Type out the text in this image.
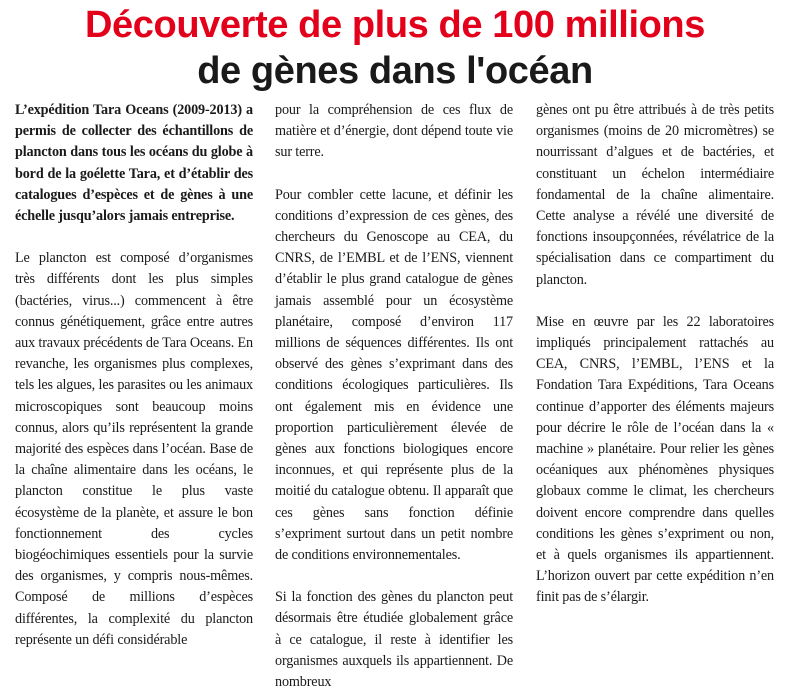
Découverte de plus de 100 millions
de gènes dans l'océan

L’expédition Tara Oceans (2009-2013) a permis de collecter des échantillons de plancton dans tous les océans du globe à bord de la goélette Tara, et d’établir des catalogues d’espèces et de gènes à une échelle jusqu’alors jamais entreprise.

Le plancton est composé d’organismes très différents dont les plus simples (bactéries, virus...) commencent à être connus génétiquement, grâce entre autres aux travaux précédents de Tara Oceans. En revanche, les organismes plus complexes, tels les algues, les parasites ou les animaux microscopiques sont beaucoup moins connus, alors qu’ils représentent la grande majorité des espèces dans l’océan. Base de la chaîne alimentaire dans les océans, le plancton constitue le plus vaste écosystème de la planète, et assure le bon fonctionnement des cycles biogéochimiques essentiels pour la survie des organismes, y compris nous-mêmes. Composé de millions d’espèces différentes, la complexité du plancton représente un défi considérable

pour la compréhension de ces flux de matière et d’énergie, dont dépend toute vie sur terre.

Pour combler cette lacune, et définir les conditions d’expression de ces gènes, des chercheurs du Genoscope au CEA, du CNRS, de l’EMBL et de l’ENS, viennent d’établir le plus grand catalogue de gènes jamais assemblé pour un écosystème planétaire, composé d’environ 117 millions de séquences différentes. Ils ont observé des gènes s’exprimant dans des conditions écologiques particulières. Ils ont également mis en évidence une proportion particulièrement élevée de gènes aux fonctions biologiques encore inconnues, et qui représente plus de la moitié du catalogue obtenu. Il apparaît que ces gènes sans fonction définie s’expriment surtout dans un petit nombre de conditions environnementales.

Si la fonction des gènes du plancton peut désormais être étudiée globalement grâce à ce catalogue, il reste à identifier les organismes auxquels ils appartiennent. De nombreux

gènes ont pu être attribués à de très petits organismes (moins de 20 micromètres) se nourrissant d’algues et de bactéries, et constituant un échelon intermédiaire fondamental de la chaîne alimentaire. Cette analyse a révélé une diversité de fonctions insoupçonnées, révélatrice de la spécialisation dans ce compartiment du plancton.

Mise en œuvre par les 22 laboratoires impliqués principalement rattachés au CEA, CNRS, l’EMBL, l’ENS et la Fondation Tara Expéditions, Tara Oceans continue d’apporter des éléments majeurs pour décrire le rôle de l’océan dans la « machine » planétaire. Pour relier les gènes océaniques aux phénomènes physiques globaux comme le climat, les chercheurs doivent encore comprendre dans quelles conditions les gènes s’expriment ou non, et à quels organismes ils appartiennent. L’horizon ouvert par cette expédition n’en finit pas de s’élargir.
